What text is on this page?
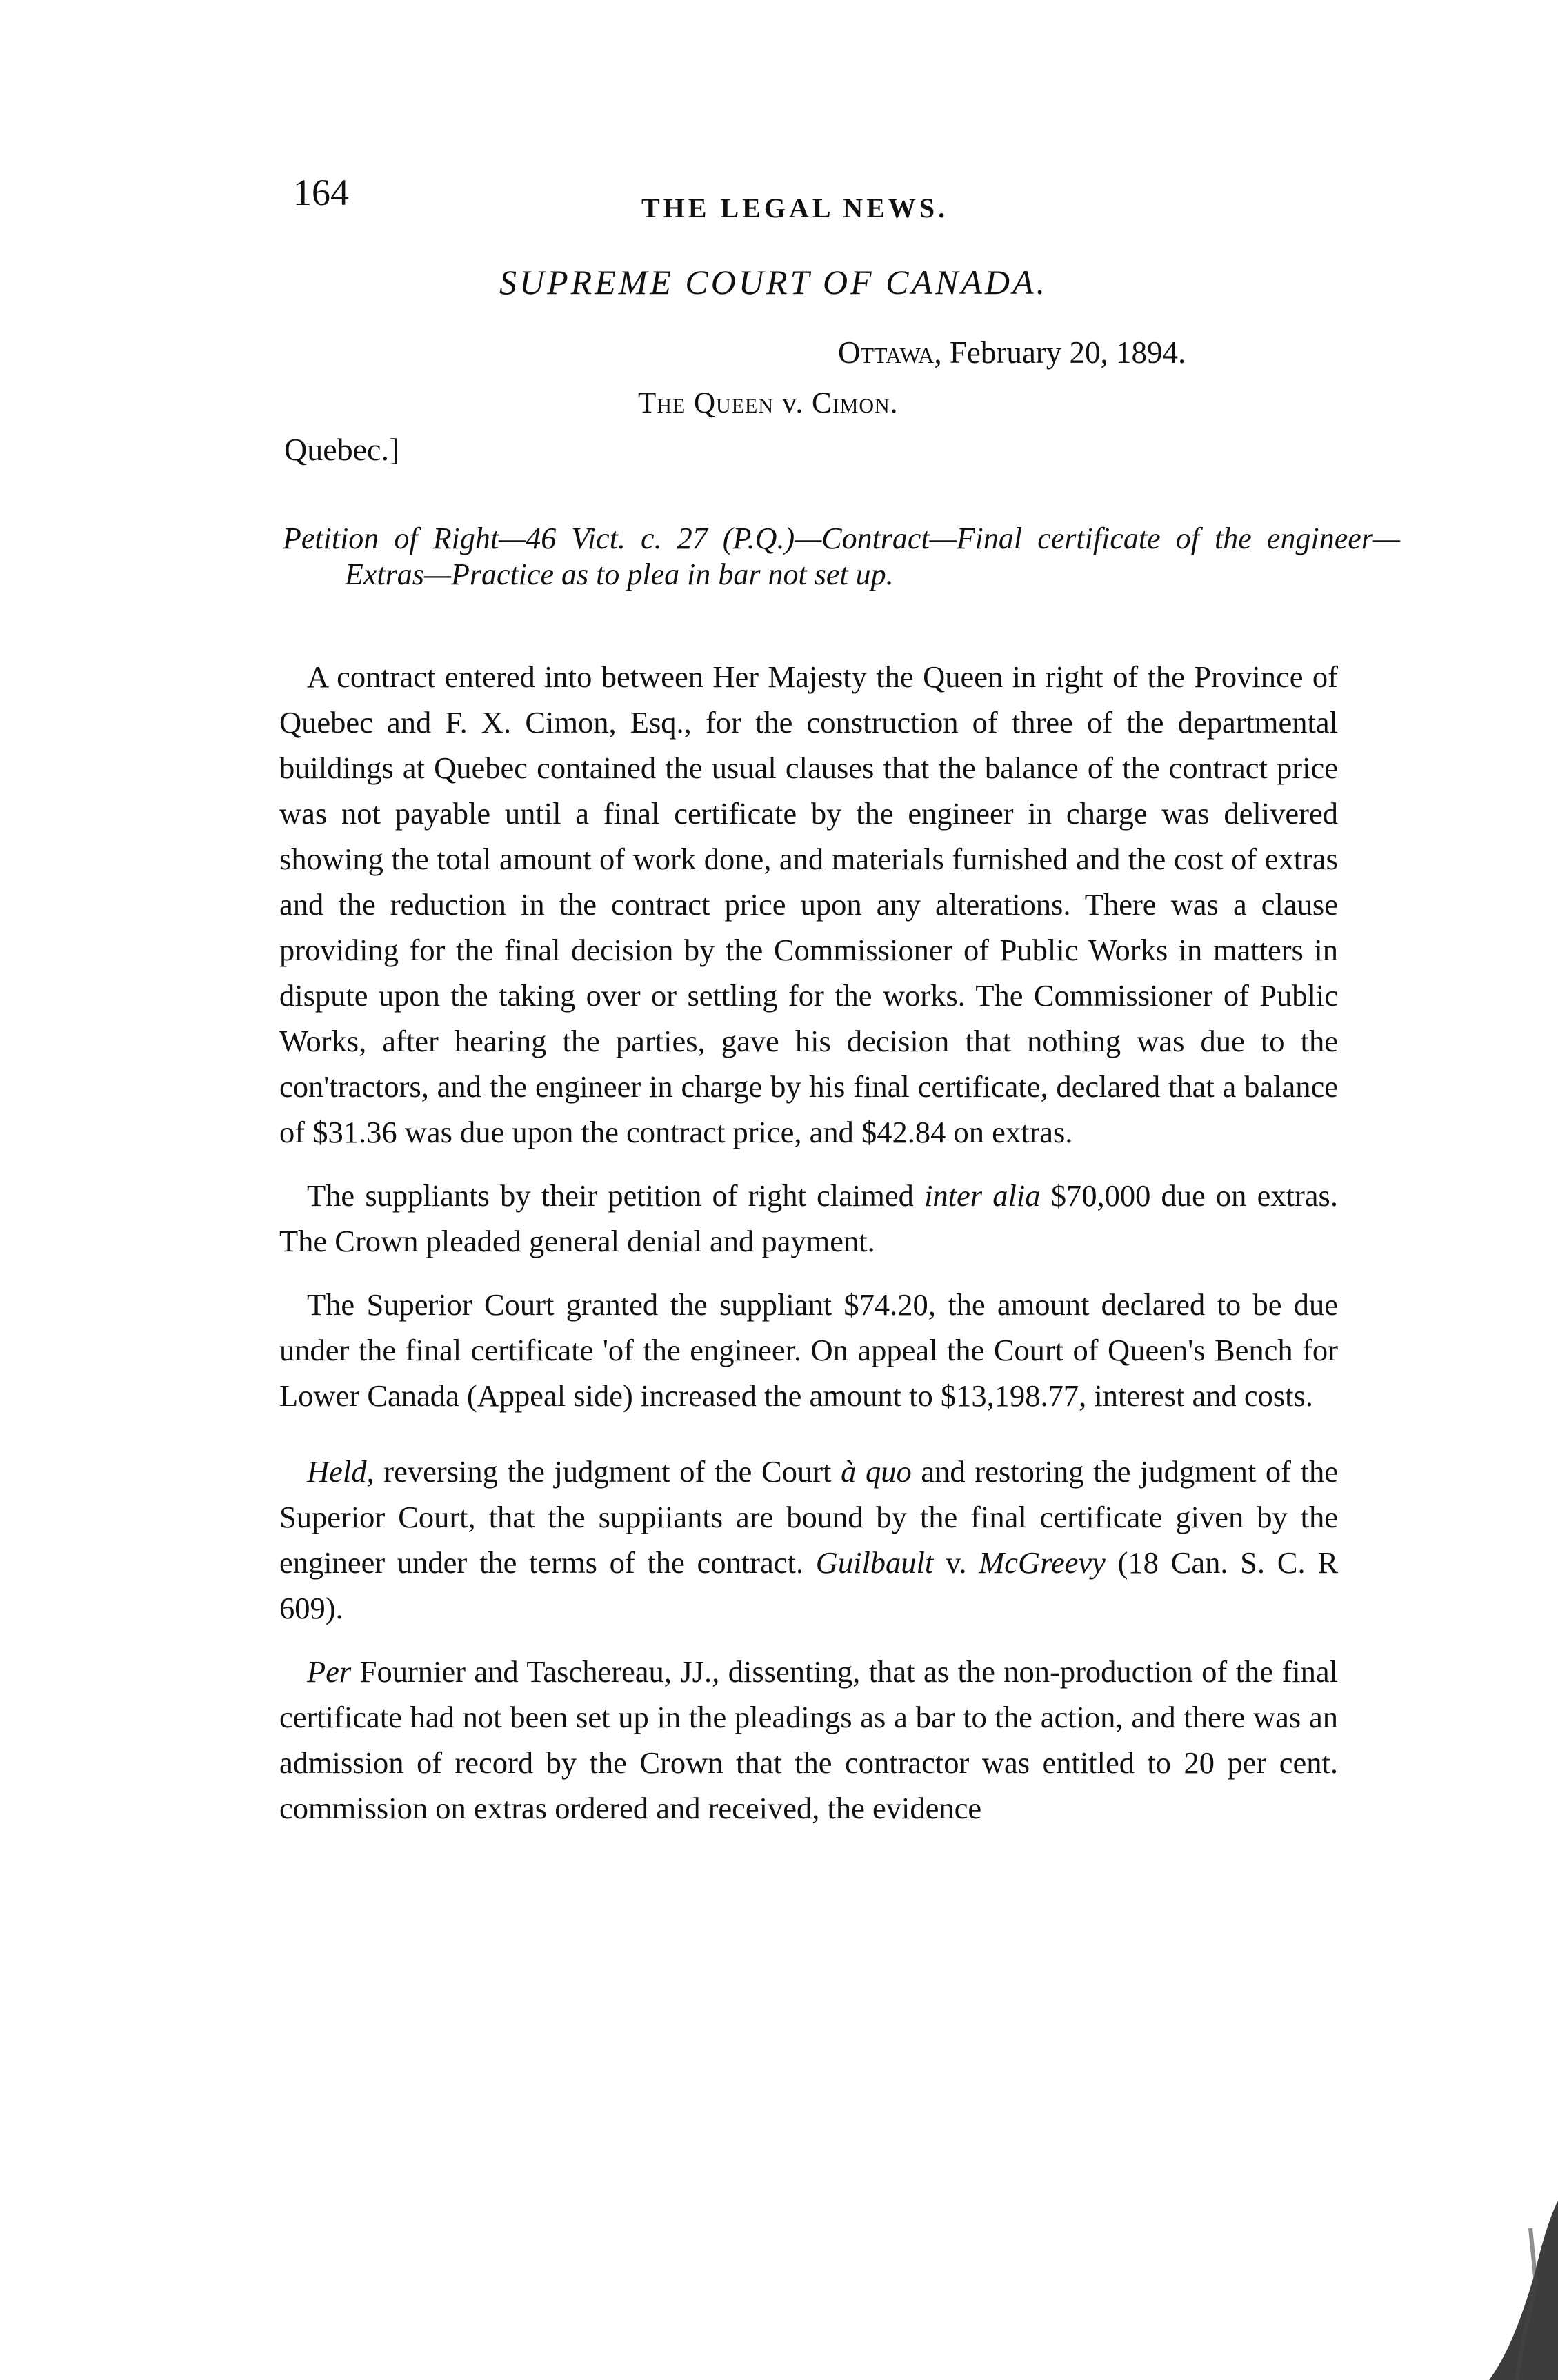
164	THE LEGAL NEWS.
SUPREME COURT OF CANADA.
Ottawa, February 20, 1894.
The Queen v. Cimon.
Quebec.]
Petition of Right—46 Vict. c. 27 (P.Q.)—Contract—Final certificate of the engineer—Extras—Practice as to plea in bar not set up.

A contract entered into between Her Majesty the Queen in right of the Province of Quebec and F. X. Cimon, Esq., for the construction of three of the departmental buildings at Quebec contained the usual clauses that the balance of the contract price was not payable until a final certificate by the engineer in charge was delivered showing the total amount of work done, and materials furnished and the cost of extras and the reduction in the contract price upon any alterations. There was a clause providing for the final decision by the Commissioner of Public Works in matters in dispute upon the taking over or settling for the works. The Commissioner of Public Works, after hearing the parties, gave his decision that nothing was due to the con'tractors, and the engineer in charge by his final certificate, declared that a balance of $31.36 was due upon the contract price, and $42.84 on extras.

The suppliants by their petition of right claimed inter alia $70,000 due on extras. The Crown pleaded general denial and payment.

The Superior Court granted the suppliant $74.20, the amount declared to be due under the final certificate 'of the engineer. On appeal the Court of Queen's Bench for Lower Canada (Appeal side) increased the amount to $13,198.77, interest and costs.

Held, reversing the judgment of the Court à quo and restoring the judgment of the Superior Court, that the suppiiants are bound by the final certificate given by the engineer under the terms of the contract. Guilbault v. McGreevy (18 Can. S. C. R 609).

Per Fournier and Taschereau, JJ., dissenting, that as the non-production of the final certificate had not been set up in the pleadings as a bar to the action, and there was an admission of record by the Crown that the contractor was entitled to 20 per cent. commission on extras ordered and received, the evidence
